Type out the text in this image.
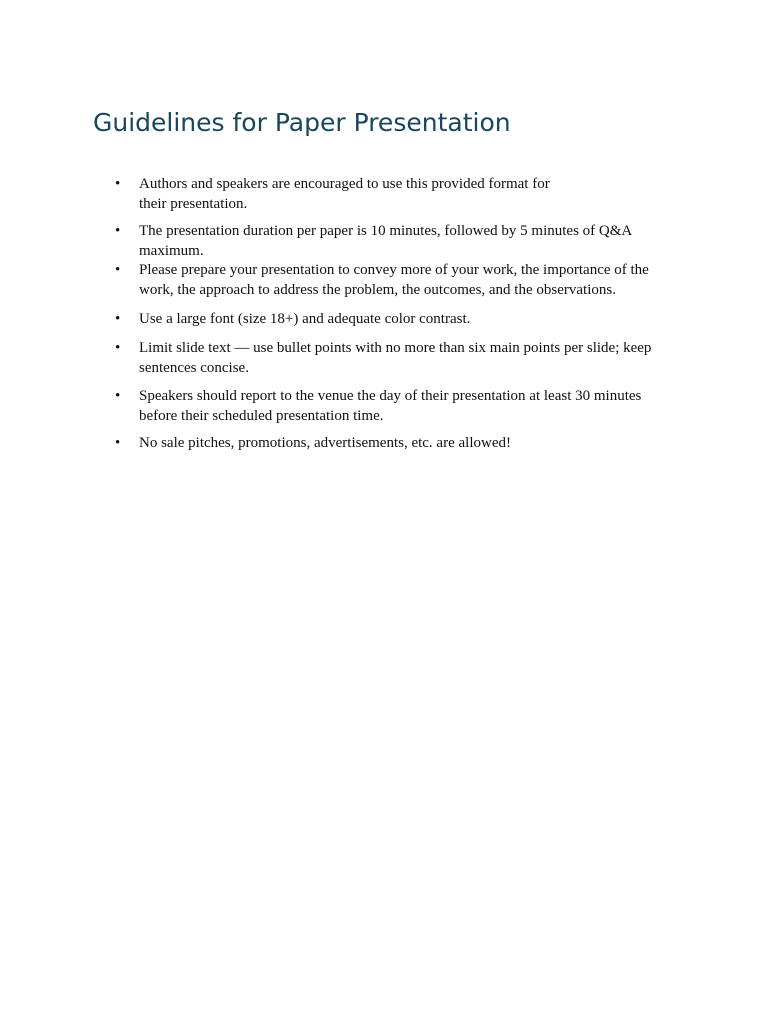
Guidelines for Paper Presentation
•	Authors and speakers are encouraged to use this provided format for their presentation.
•	The presentation duration per paper is 10 minutes, followed by 5 minutes of Q&A maximum.
•	Please prepare your presentation to convey more of your work, the importance of the work, the approach to address the problem, the outcomes, and the observations.
•	Use a large font (size 18+) and adequate color contrast.
•	Limit slide text — use bullet points with no more than six main points per slide; keep sentences concise.
•	Speakers should report to the venue the day of their presentation at least 30 minutes before their scheduled presentation time.
•	No sale pitches, promotions, advertisements, etc. are allowed!
